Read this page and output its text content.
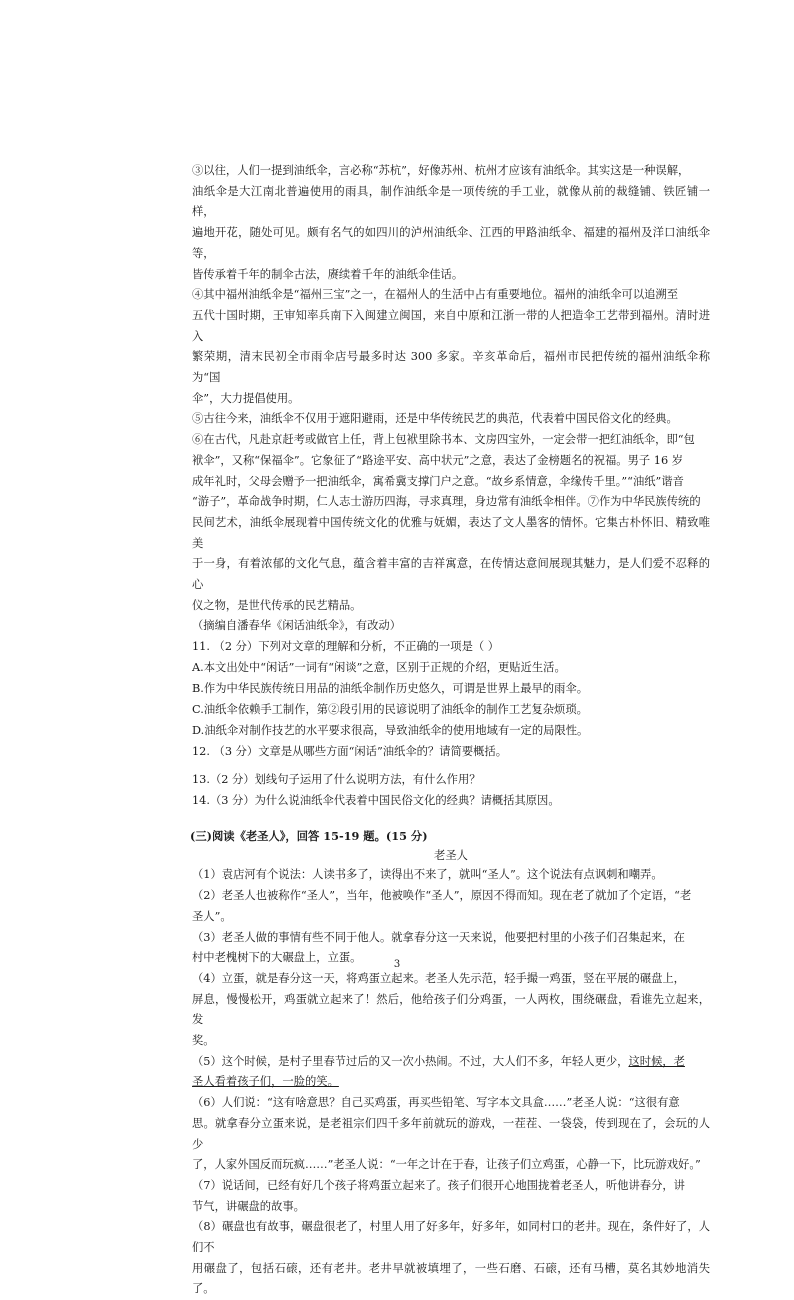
③以往，人们一提到油纸伞，言必称“苏杭”，好像苏州、杭州才应该有油纸伞。其实这是一种误解，

油纸伞是大江南北普遍使用的雨具，制作油纸伞是一项传统的手工业，就像从前的裁缝铺、铁匠铺一样，

遍地开花，随处可见。颇有名气的如四川的泸州油纸伞、江西的甲路油纸伞、福建的福州及洋口油纸伞等，

皆传承着千年的制伞古法，赓续着千年的油纸伞佳话。

④其中福州油纸伞是“福州三宝”之一，在福州人的生活中占有重要地位。福州的油纸伞可以追溯至

五代十国时期，王审知率兵南下入闽建立闽国，来自中原和江浙一带的人把造伞工艺带到福州。清时进入

繁荣期，清末民初全市雨伞店号最多时达 300 多家。辛亥革命后，福州市民把传统的福州油纸伞称为“国

伞”，大力提倡使用。

⑤古往今来，油纸伞不仅用于遮阳避雨，还是中华传统民艺的典范，代表着中国民俗文化的经典。

⑥在古代，凡赴京赶考或做官上任，背上包袱里除书本、文房四宝外，一定会带一把红油纸伞，即“包

袱伞”，又称“保福伞”。它象征了“路途平安、高中状元”之意，表达了金榜题名的祝福。男子 16 岁

成年礼时，父母会赠予一把油纸伞，寓希冀支撑门户之意。“故乡系情意，伞缘传千里。”“油纸”谐音

“游子”，革命战争时期，仁人志士游历四海，寻求真理，身边常有油纸伞相伴。⑦作为中华民族传统的

民间艺术，油纸伞展现着中国传统文化的优雅与妩媚，表达了文人墨客的情怀。它集古朴怀旧、精致唯美

于一身，有着浓郁的文化气息，蕴含着丰富的吉祥寓意，在传情达意间展现其魅力，是人们爱不忍释的心

仪之物，是世代传承的民艺精品。

（摘编自潘春华《闲话油纸伞》，有改动）

11. （2 分）下列对文章的理解和分析，不正确的一项是（ ）

A.本文出处中“闲话”一词有“闲谈”之意，区别于正规的介绍，更贴近生活。

B.作为中华民族传统日用品的油纸伞制作历史悠久，可谓是世界上最早的雨伞。

C.油纸伞依赖手工制作，第②段引用的民谚说明了油纸伞的制作工艺复杂烦琐。

D.油纸伞对制作技艺的水平要求很高，导致油纸伞的使用地域有一定的局限性。

12. （3 分）文章是从哪些方面“闲话”油纸伞的？请简要概括。

13.（2 分）划线句子运用了什么说明方法，有什么作用？

14.（3 分）为什么说油纸伞代表着中国民俗文化的经典？请概括其原因。

(三)阅读《老圣人》，回答 15-19 题。(15 分)

老圣人

（1）袁店河有个说法：人读书多了，读得出不来了，就叫“圣人”。这个说法有点讽刺和嘲弄。

（2）老圣人也被称作“圣人”，当年，他被唤作“圣人”，原因不得而知。现在老了就加了个定语，“老

圣人”。

（3）老圣人做的事情有些不同于他人。就拿春分这一天来说，他要把村里的小孩子们召集起来，在

村中老槐树下的大碾盘上，立蛋。

（4）立蛋，就是春分这一天，将鸡蛋立起来。老圣人先示范，轻手撮一鸡蛋，竖在平展的碾盘上，

屏息，慢慢松开，鸡蛋就立起来了！然后，他给孩子们分鸡蛋，一人两枚，围绕碾盘，看谁先立起来，发

奖。

（5）这个时候，是村子里春节过后的又一次小热闹。不过，大人们不多，年轻人更少，这时候，老

圣人看着孩子们，一脸的笑。

（6）人们说：“这有啥意思？自己买鸡蛋，再买些铅笔、写字本文具盒……”老圣人说：“这很有意

思。就拿春分立蛋来说，是老祖宗们四千多年前就玩的游戏，一茬茬、一袋袋，传到现在了，会玩的人少

了，人家外国反而玩疯……”老圣人说：“一年之计在于春，让孩子们立鸡蛋，心静一下，比玩游戏好。”

（7）说话间，已经有好几个孩子将鸡蛋立起来了。孩子们很开心地围拢着老圣人，听他讲春分，讲

节气，讲碾盘的故事。

（8）碾盘也有故事，碾盘很老了，村里人用了好多年，好多年，如同村口的老井。现在，条件好了，人们不

用碾盘了，包括石磙，还有老井。老井早就被填埋了，一些石磨、石磙，还有马槽，莫名其妙地消失了。

3
